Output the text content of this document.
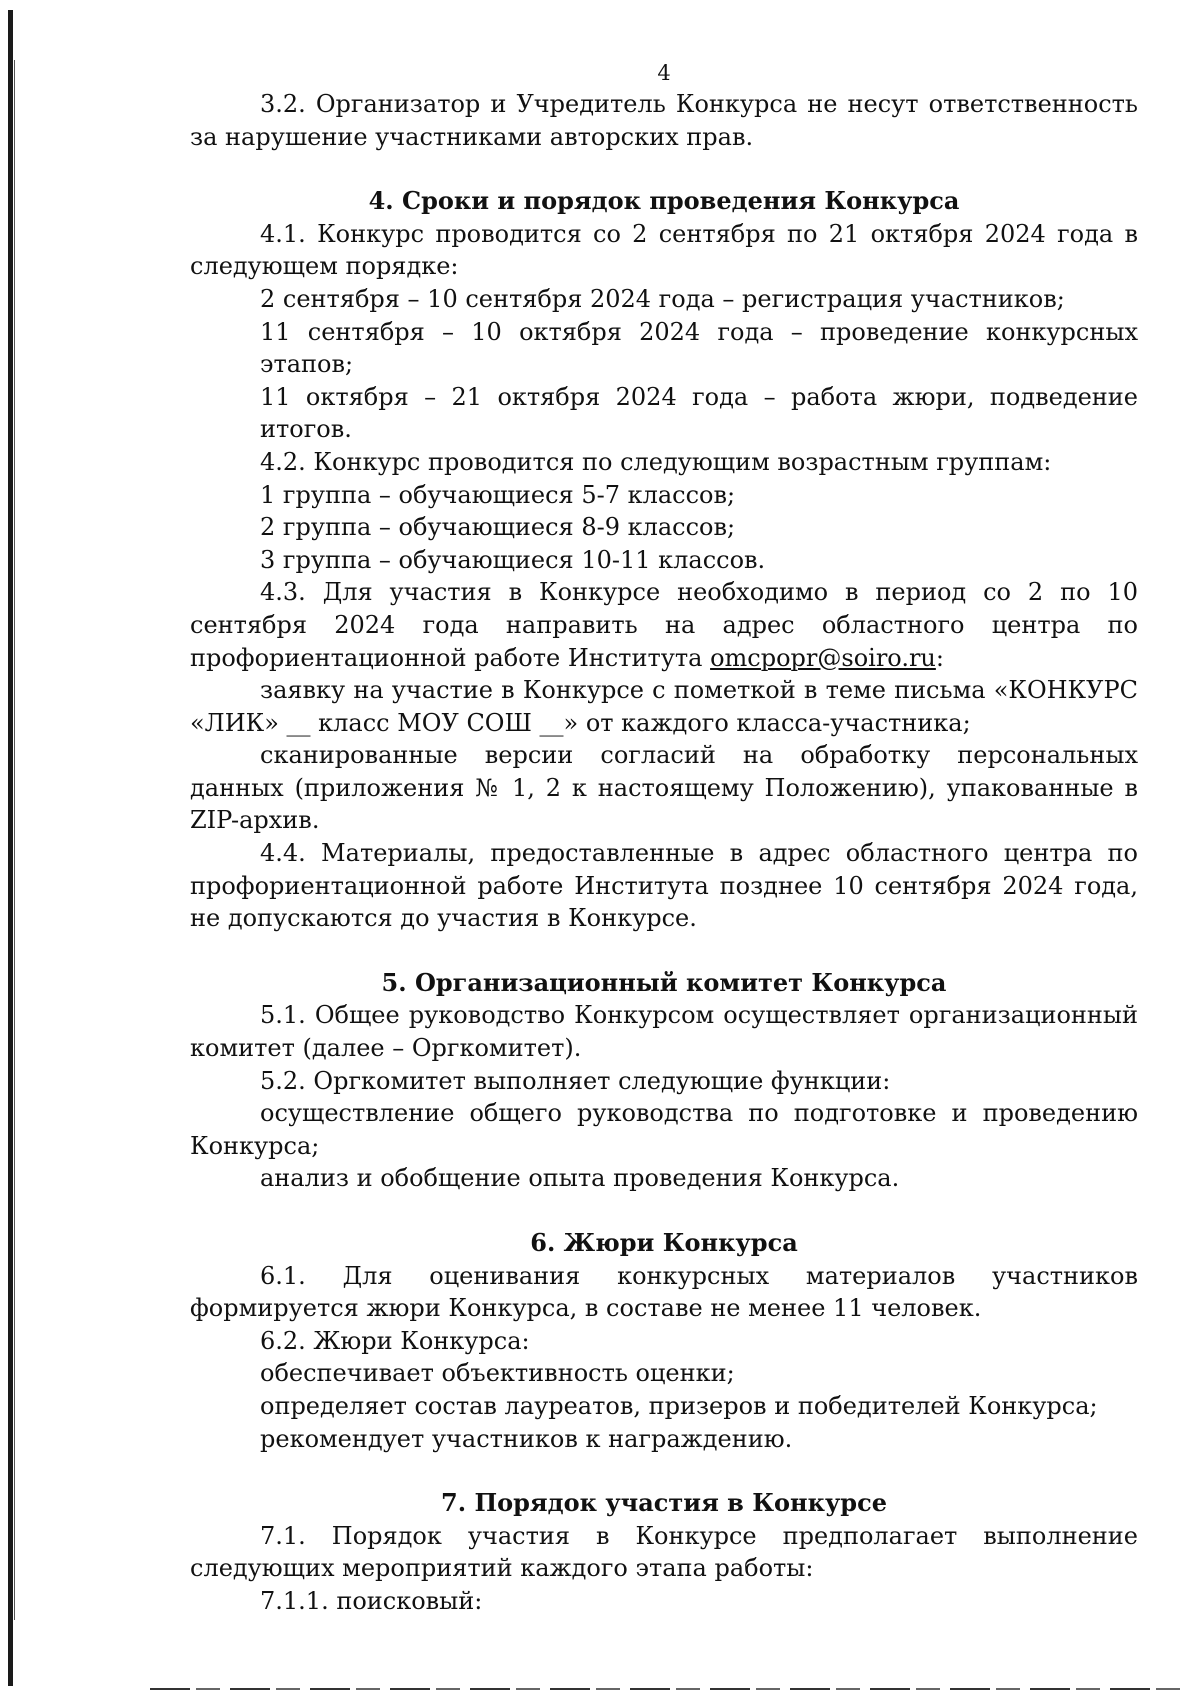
4

3.2. Организатор и Учредитель Конкурса не несут ответственность за нарушение участниками авторских прав.

4. Сроки и порядок проведения Конкурса

4.1. Конкурс проводится со 2 сентября по 21 октября 2024 года в следующем порядке:

2 сентября – 10 сентября 2024 года – регистрация участников;

11 сентября – 10 октября 2024 года – проведение конкурсных этапов;

11 октября – 21 октября 2024 года – работа жюри, подведение итогов.

4.2. Конкурс проводится по следующим возрастным группам:

1 группа – обучающиеся 5-7 классов;

2 группа – обучающиеся 8-9 классов;

3 группа – обучающиеся 10-11 классов.

4.3. Для участия в Конкурсе необходимо в период со 2 по 10 сентября 2024 года направить на адрес областного центра по профориентационной работе Института omcpopr@soiro.ru:

заявку на участие в Конкурсе с пометкой в теме письма «КОНКУРС «ЛИК» __ класс МОУ СОШ __» от каждого класса-участника;

сканированные версии согласий на обработку персональных данных (приложения № 1, 2 к настоящему Положению), упакованные в ZIP-архив.

4.4. Материалы, предоставленные в адрес областного центра по профориентационной работе Института позднее 10 сентября 2024 года, не допускаются до участия в Конкурсе.

5. Организационный комитет Конкурса

5.1. Общее руководство Конкурсом осуществляет организационный комитет (далее – Оргкомитет).

5.2. Оргкомитет выполняет следующие функции:

осуществление общего руководства по подготовке и проведению Конкурса;

анализ и обобщение опыта проведения Конкурса.

6. Жюри Конкурса

6.1. Для оценивания конкурсных материалов участников формируется жюри Конкурса, в составе не менее 11 человек.

6.2. Жюри Конкурса:

обеспечивает объективность оценки;

определяет состав лауреатов, призеров и победителей Конкурса;

рекомендует участников к награждению.

7. Порядок участия в Конкурсе

7.1. Порядок участия в Конкурсе предполагает выполнение следующих мероприятий каждого этапа работы:

7.1.1. поисковый:
